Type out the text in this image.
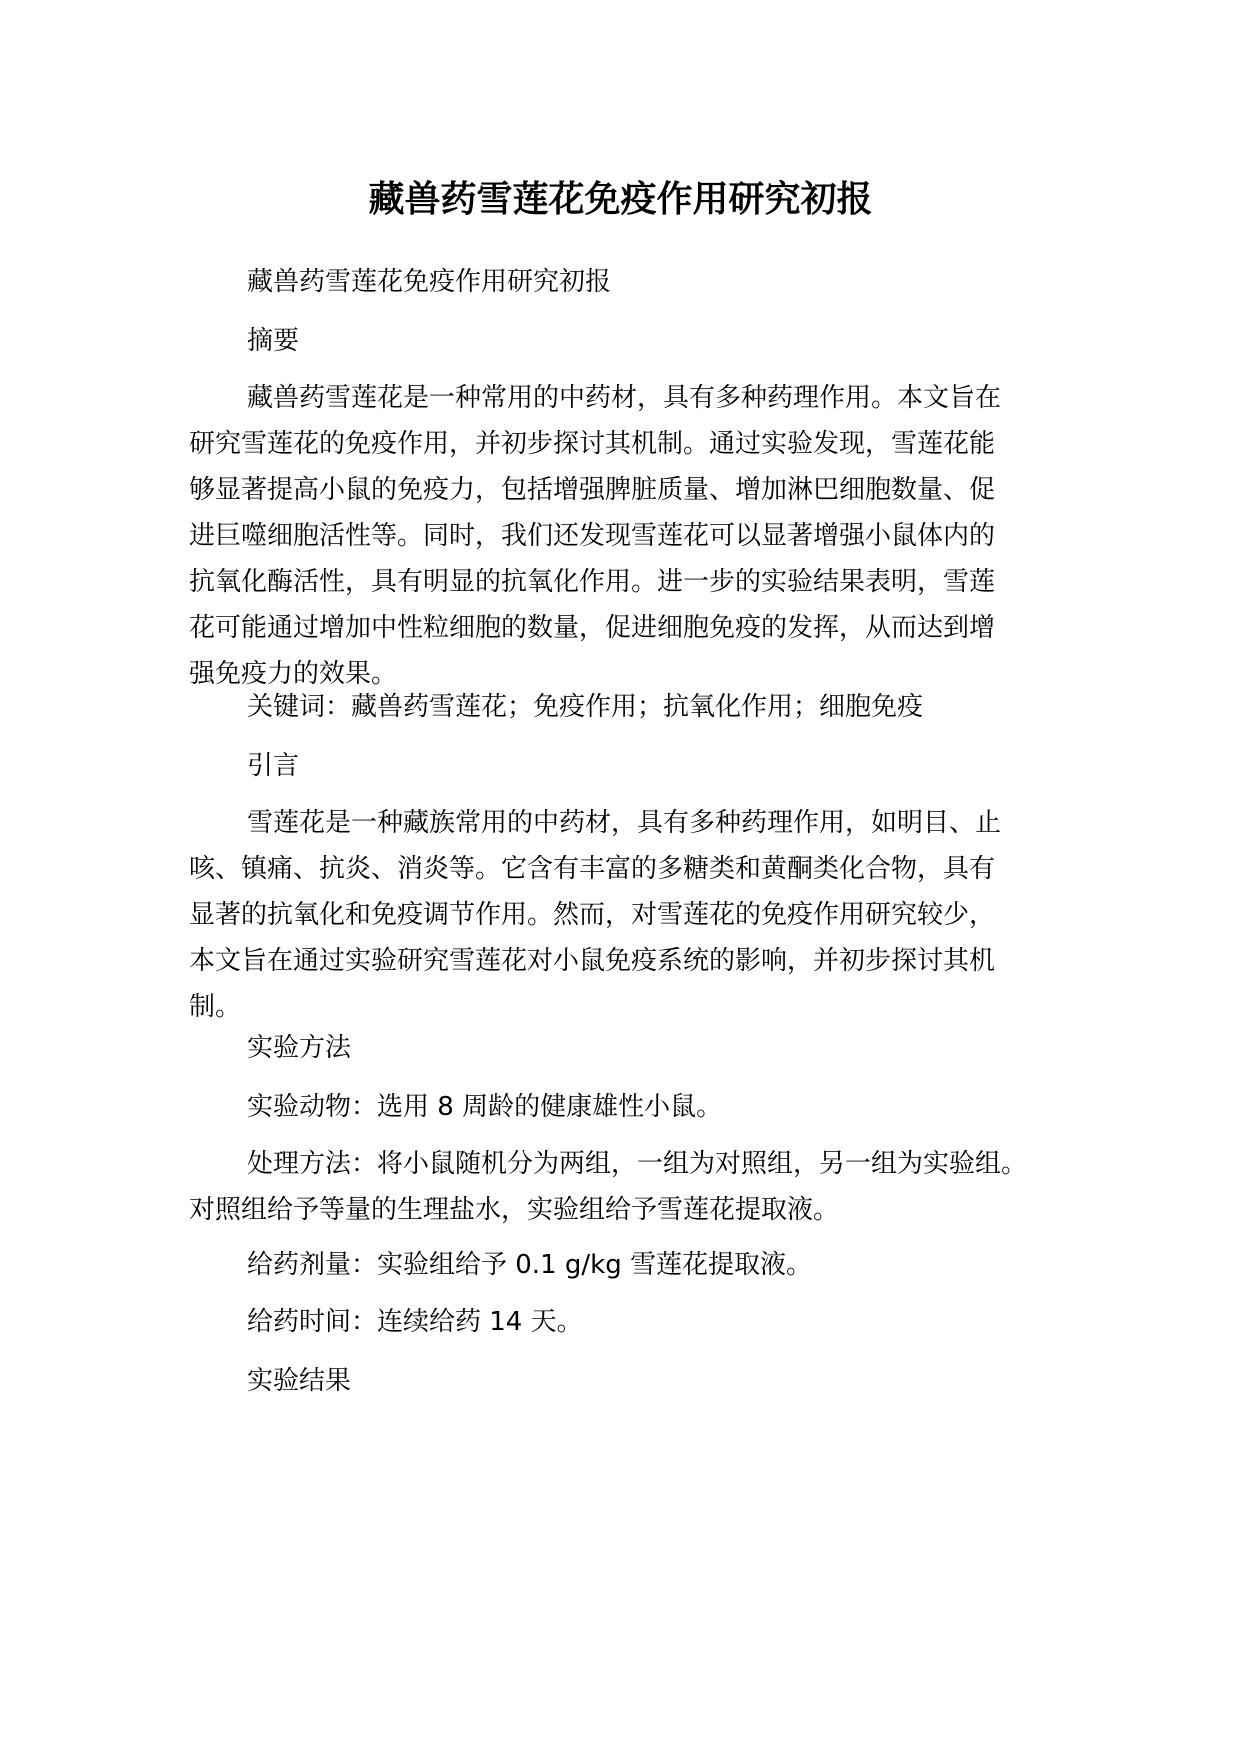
藏兽药雪莲花免疫作用研究初报
藏兽药雪莲花免疫作用研究初报
摘要
藏兽药雪莲花是一种常用的中药材，具有多种药理作用。本文旨在
研究雪莲花的免疫作用，并初步探讨其机制。通过实验发现，雪莲花能
够显著提高小鼠的免疫力，包括增强脾脏质量、增加淋巴细胞数量、促
进巨噬细胞活性等。同时，我们还发现雪莲花可以显著增强小鼠体内的
抗氧化酶活性，具有明显的抗氧化作用。进一步的实验结果表明，雪莲
花可能通过增加中性粒细胞的数量，促进细胞免疫的发挥，从而达到增
强免疫力的效果。
关键词：藏兽药雪莲花；免疫作用；抗氧化作用；细胞免疫
引言
雪莲花是一种藏族常用的中药材，具有多种药理作用，如明目、止
咳、镇痛、抗炎、消炎等。它含有丰富的多糖类和黄酮类化合物，具有
显著的抗氧化和免疫调节作用。然而，对雪莲花的免疫作用研究较少，
本文旨在通过实验研究雪莲花对小鼠免疫系统的影响，并初步探讨其机
制。
实验方法
实验动物：选用 8 周龄的健康雄性小鼠。
处理方法：将小鼠随机分为两组，一组为对照组，另一组为实验组。
对照组给予等量的生理盐水，实验组给予雪莲花提取液。
给药剂量：实验组给予 0.1 g/kg 雪莲花提取液。
给药时间：连续给药 14 天。
实验结果
